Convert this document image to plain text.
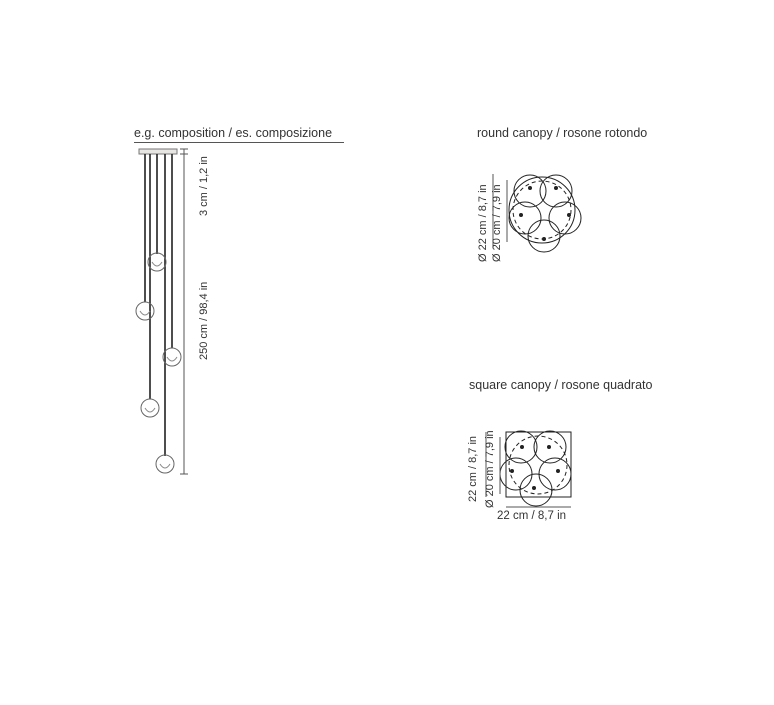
e.g. composition / es. composizione	round canopy / rosone rotondo
square canopy / rosone quadrato
3 cm / 1,2 in
250 cm / 98,4 in
Ø 22 cm / 8,7 in Ø 20 cm / 7,9 in
22 cm / 8,7 in Ø 20 cm / 7,9 in
22 cm / 8,7 in
